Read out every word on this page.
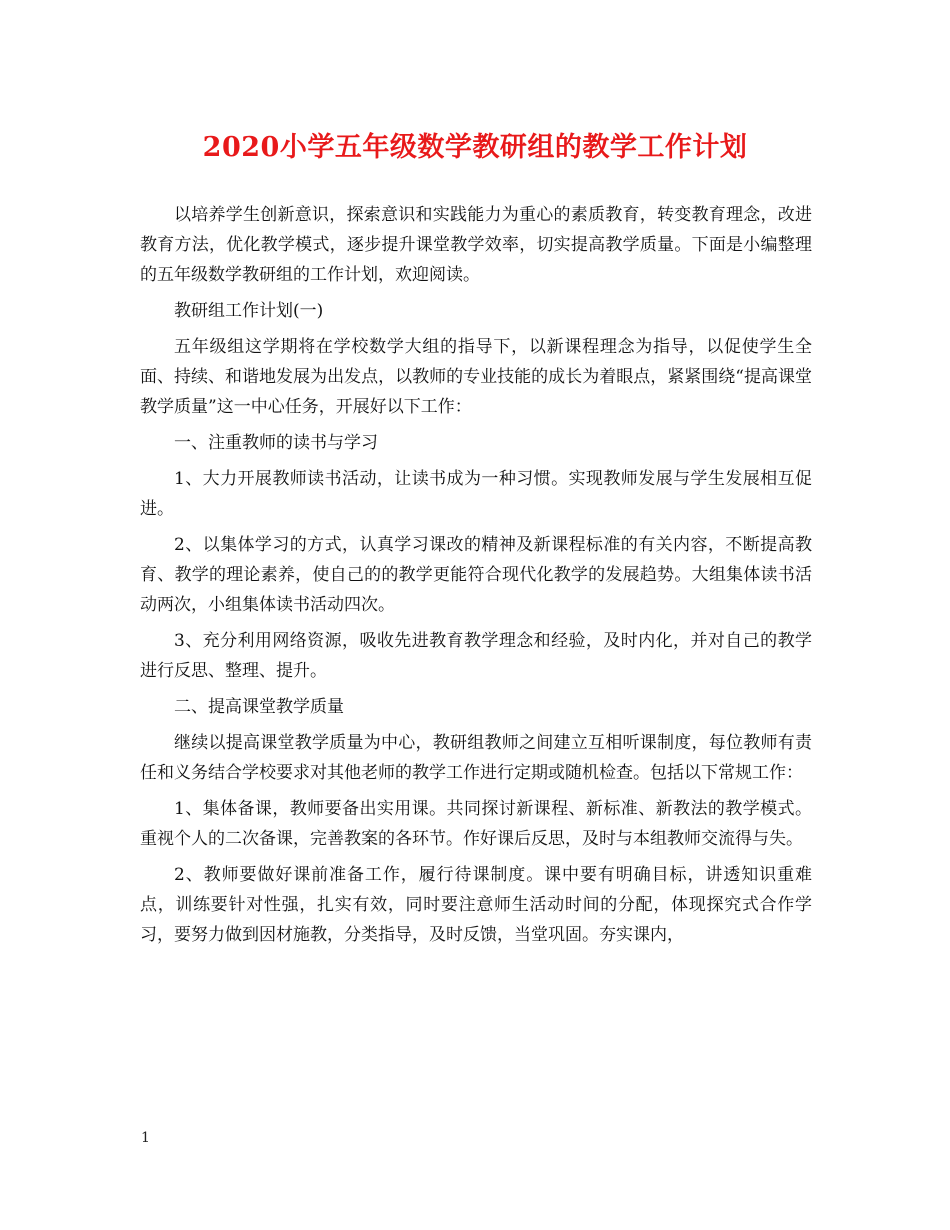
2020小学五年级数学教研组的教学工作计划

以培养学生创新意识，探索意识和实践能力为重心的素质教育，转变教育理念，改进教育方法，优化教学模式，逐步提升课堂教学效率，切实提高教学质量。下面是小编整理的五年级数学教研组的工作计划，欢迎阅读。

教研组工作计划(一)

五年级组这学期将在学校数学大组的指导下，以新课程理念为指导，以促使学生全面、持续、和谐地发展为出发点，以教师的专业技能的成长为着眼点，紧紧围绕“提高课堂教学质量”这一中心任务，开展好以下工作：

一、注重教师的读书与学习

1、大力开展教师读书活动，让读书成为一种习惯。实现教师发展与学生发展相互促进。

2、以集体学习的方式，认真学习课改的精神及新课程标准的有关内容，不断提高教育、教学的理论素养，使自己的的教学更能符合现代化教学的发展趋势。大组集体读书活动两次，小组集体读书活动四次。

3、充分利用网络资源，吸收先进教育教学理念和经验，及时内化，并对自己的教学进行反思、整理、提升。

二、提高课堂教学质量

继续以提高课堂教学质量为中心，教研组教师之间建立互相听课制度，每位教师有责任和义务结合学校要求对其他老师的教学工作进行定期或随机检查。包括以下常规工作：

1、集体备课，教师要备出实用课。共同探讨新课程、新标准、新教法的教学模式。重视个人的二次备课，完善教案的各环节。作好课后反思，及时与本组教师交流得与失。

2、教师要做好课前准备工作，履行待课制度。课中要有明确目标，讲透知识重难点，训练要针对性强，扎实有效，同时要注意师生活动时间的分配，体现探究式合作学习，要努力做到因材施教，分类指导，及时反馈，当堂巩固。夯实课内，

1
